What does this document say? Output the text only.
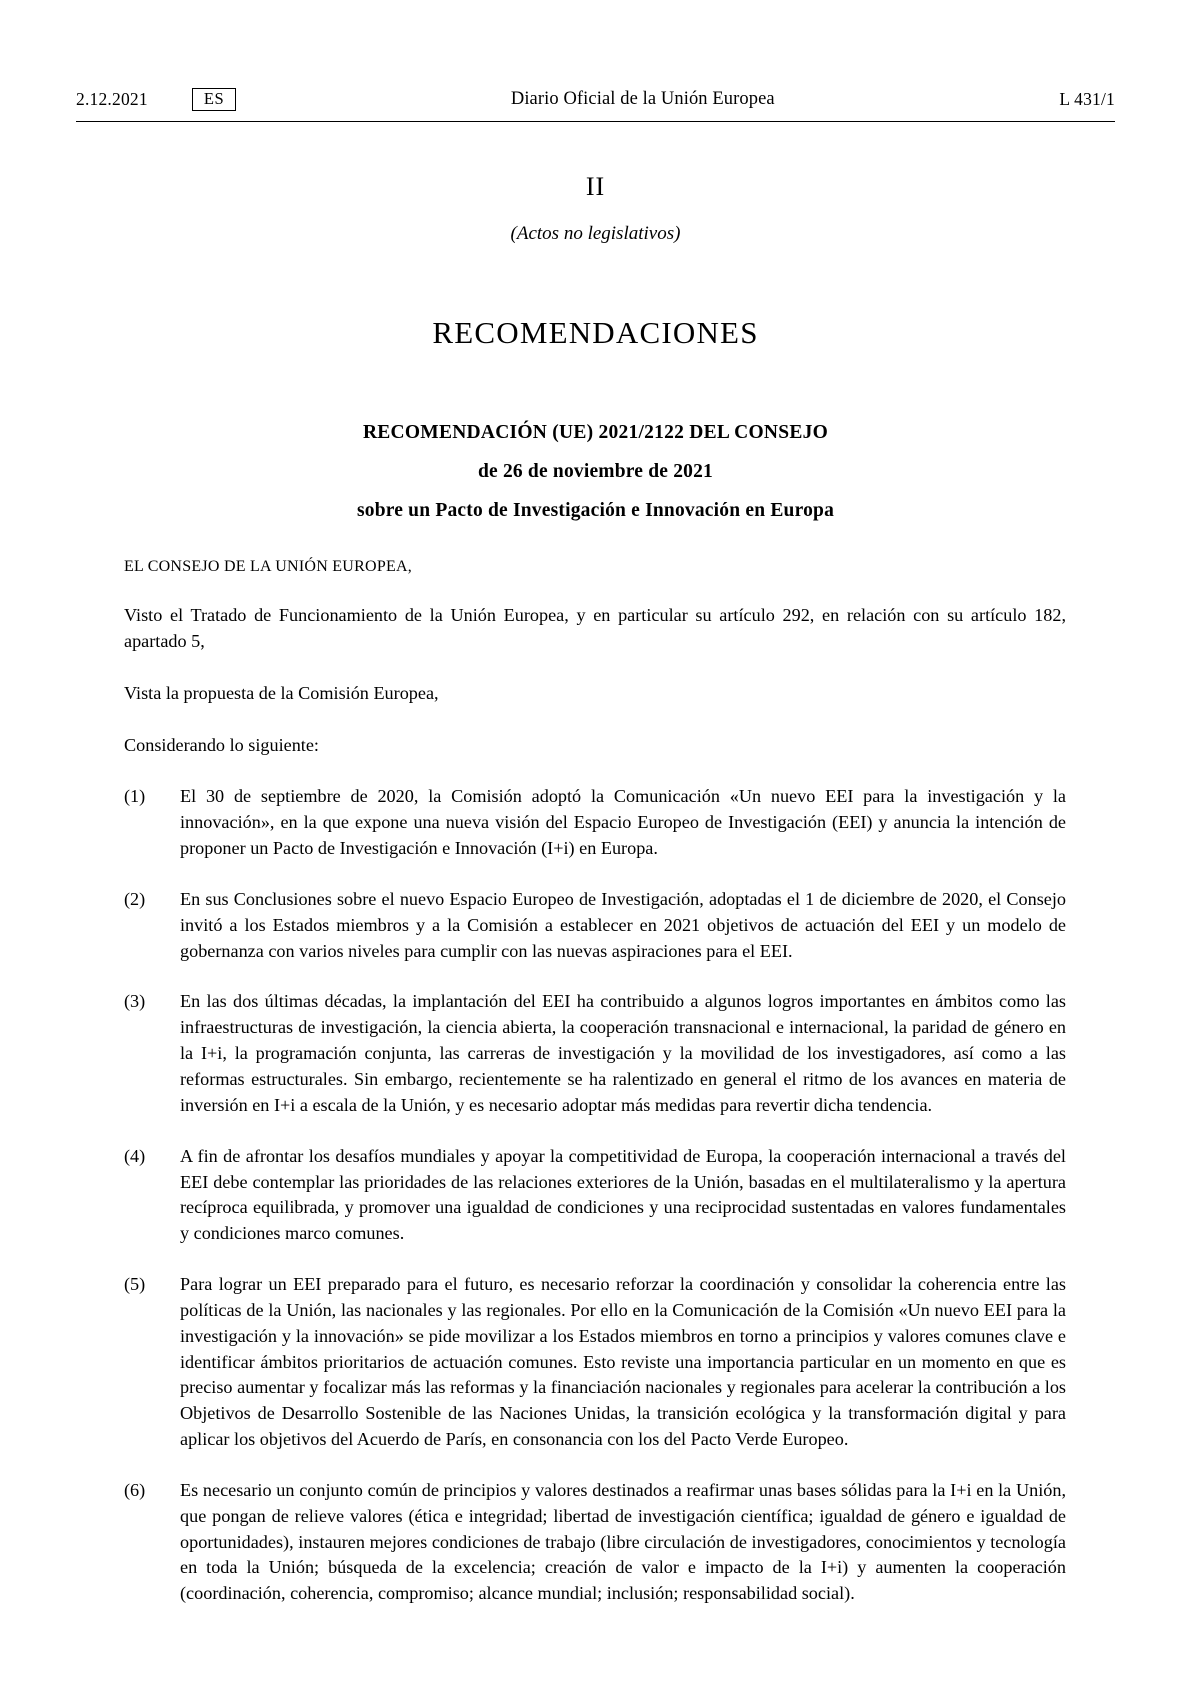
2.12.2021	ES	Diario Oficial de la Unión Europea	L 431/1
II
(Actos no legislativos)
RECOMENDACIONES
RECOMENDACIÓN (UE) 2021/2122 DEL CONSEJO
de 26 de noviembre de 2021
sobre un Pacto de Investigación e Innovación en Europa
EL CONSEJO DE LA UNIÓN EUROPEA,
Visto el Tratado de Funcionamiento de la Unión Europea, y en particular su artículo 292, en relación con su artículo 182, apartado 5,
Vista la propuesta de la Comisión Europea,
Considerando lo siguiente:
(1)	El 30 de septiembre de 2020, la Comisión adoptó la Comunicación «Un nuevo EEI para la investigación y la innovación», en la que expone una nueva visión del Espacio Europeo de Investigación (EEI) y anuncia la intención de proponer un Pacto de Investigación e Innovación (I+i) en Europa.
(2)	En sus Conclusiones sobre el nuevo Espacio Europeo de Investigación, adoptadas el 1 de diciembre de 2020, el Consejo invitó a los Estados miembros y a la Comisión a establecer en 2021 objetivos de actuación del EEI y un modelo de gobernanza con varios niveles para cumplir con las nuevas aspiraciones para el EEI.
(3)	En las dos últimas décadas, la implantación del EEI ha contribuido a algunos logros importantes en ámbitos como las infraestructuras de investigación, la ciencia abierta, la cooperación transnacional e internacional, la paridad de género en la I+i, la programación conjunta, las carreras de investigación y la movilidad de los investigadores, así como a las reformas estructurales. Sin embargo, recientemente se ha ralentizado en general el ritmo de los avances en materia de inversión en I+i a escala de la Unión, y es necesario adoptar más medidas para revertir dicha tendencia.
(4)	A fin de afrontar los desafíos mundiales y apoyar la competitividad de Europa, la cooperación internacional a través del EEI debe contemplar las prioridades de las relaciones exteriores de la Unión, basadas en el multilateralismo y la apertura recíproca equilibrada, y promover una igualdad de condiciones y una reciprocidad sustentadas en valores fundamentales y condiciones marco comunes.
(5)	Para lograr un EEI preparado para el futuro, es necesario reforzar la coordinación y consolidar la coherencia entre las políticas de la Unión, las nacionales y las regionales. Por ello en la Comunicación de la Comisión «Un nuevo EEI para la investigación y la innovación» se pide movilizar a los Estados miembros en torno a principios y valores comunes clave e identificar ámbitos prioritarios de actuación comunes. Esto reviste una importancia particular en un momento en que es preciso aumentar y focalizar más las reformas y la financiación nacionales y regionales para acelerar la contribución a los Objetivos de Desarrollo Sostenible de las Naciones Unidas, la transición ecológica y la transformación digital y para aplicar los objetivos del Acuerdo de París, en consonancia con los del Pacto Verde Europeo.
(6)	Es necesario un conjunto común de principios y valores destinados a reafirmar unas bases sólidas para la I+i en la Unión, que pongan de relieve valores (ética e integridad; libertad de investigación científica; igualdad de género e igualdad de oportunidades), instauren mejores condiciones de trabajo (libre circulación de investigadores, conocimientos y tecnología en toda la Unión; búsqueda de la excelencia; creación de valor e impacto de la I+i) y aumenten la cooperación (coordinación, coherencia, compromiso; alcance mundial; inclusión; responsabilidad social).
